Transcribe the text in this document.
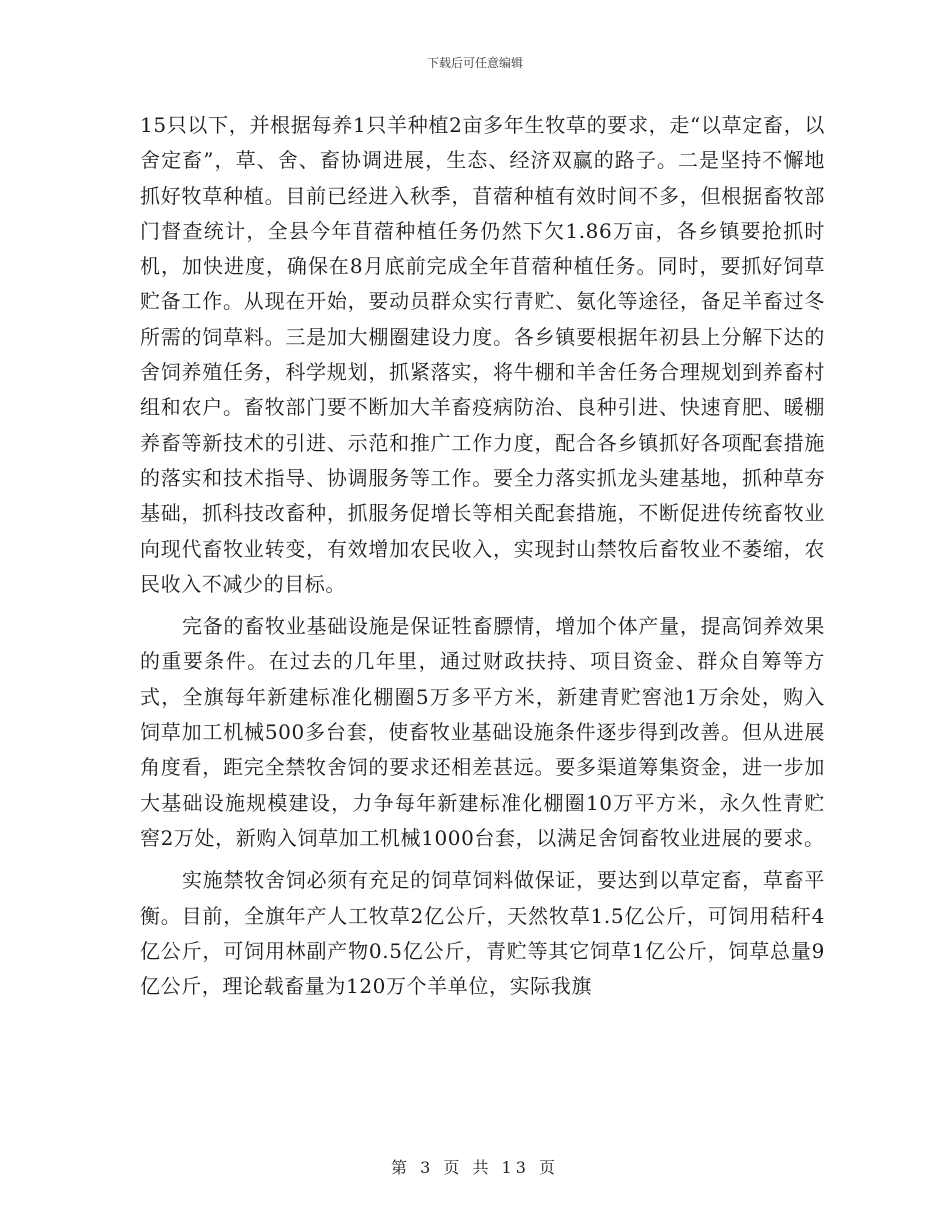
下载后可任意编辑

15只以下，并根据每养1只羊种植2亩多年生牧草的要求，走“以草定畜，以舍定畜”，草、舍、畜协调进展，生态、经济双赢的路子。二是坚持不懈地抓好牧草种植。目前已经进入秋季，苜蓿种植有效时间不多，但根据畜牧部门督查统计，全县今年苜蓿种植任务仍然下欠1.86万亩，各乡镇要抢抓时机，加快进度，确保在8月底前完成全年苜蓿种植任务。同时，要抓好饲草贮备工作。从现在开始，要动员群众实行青贮、氨化等途径，备足羊畜过冬所需的饲草料。三是加大棚圈建设力度。各乡镇要根据年初县上分解下达的舍饲养殖任务，科学规划，抓紧落实，将牛棚和羊舍任务合理规划到养畜村组和农户。畜牧部门要不断加大羊畜疫病防治、良种引进、快速育肥、暖棚养畜等新技术的引进、示范和推广工作力度，配合各乡镇抓好各项配套措施的落实和技术指导、协调服务等工作。要全力落实抓龙头建基地，抓种草夯基础，抓科技改畜种，抓服务促增长等相关配套措施，不断促进传统畜牧业向现代畜牧业转变，有效增加农民收入，实现封山禁牧后畜牧业不萎缩，农民收入不减少的目标。

完备的畜牧业基础设施是保证牲畜膘情，增加个体产量，提高饲养效果的重要条件。在过去的几年里，通过财政扶持、项目资金、群众自筹等方式，全旗每年新建标准化棚圈5万多平方米，新建青贮窖池1万余处，购入饲草加工机械500多台套，使畜牧业基础设施条件逐步得到改善。但从进展角度看，距完全禁牧舍饲的要求还相差甚远。要多渠道筹集资金，进一步加大基础设施规模建设，力争每年新建标准化棚圈10万平方米，永久性青贮窖2万处，新购入饲草加工机械1000台套，以满足舍饲畜牧业进展的要求。

实施禁牧舍饲必须有充足的饲草饲料做保证，要达到以草定畜，草畜平衡。目前，全旗年产人工牧草2亿公斤，天然牧草1.5亿公斤，可饲用秸秆4亿公斤，可饲用林副产物0.5亿公斤，青贮等其它饲草1亿公斤，饲草总量9亿公斤，理论载畜量为120万个羊单位，实际我旗

第 3 页 共 13 页
